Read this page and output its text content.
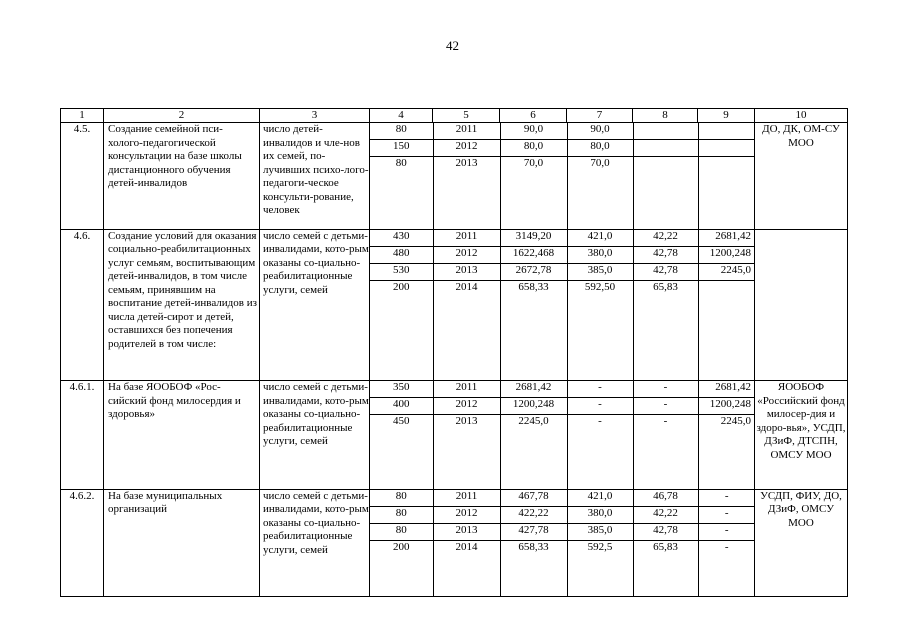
42
1	2	3	4	5	6	7	8	9	10
4.5.	Создание семейной пси-холого-педагогической консультации на базе школы дистанционного обучения детей-инвалидов	число детей-инвалидов и чле-нов их семей, по-лучивших психо-лого-педагоги-ческое консульти-рование, человек	
80	2011	90,0	90,0		
150	2012	80,0	80,0		
80	2013	70,0	70,0		
	ДО, ДК, ОМ-СУ МОО
4.6.	Создание условий для оказания социально-реабилитационных услуг семьям, воспитывающим детей-инвалидов, в том числе семьям, принявшим на воспитание детей-инвалидов из числа детей-сирот и детей, оставшихся без попечения родителей в том числе:	число семей с детьми-инвалидами, кото-рым оказаны со-циально-реабилитационные услуги, семей	
430	2011	3149,20	421,0	42,22	2681,42
480	2012	1622,468	380,0	42,78	1200,248
530	2013	2672,78	385,0	42,78	2245,0
200	2014	658,33	592,50	65,83	

4.6.1.	На базе ЯООБОФ «Рос-сийский фонд милосердия и здоровья»	число семей с детьми-инвалидами, кото-рым оказаны со-циально-реабилитационные услуги, семей	
350	2011	2681,42	-	-	2681,42
400	2012	1200,248	-	-	1200,248
450	2013	2245,0	-	-	2245,0
	ЯООБОФ «Российский фонд милосер-дия и здоро-вья», УСДП, ДЗиФ, ДТСПН, ОМСУ МОО
4.6.2.	На базе муниципальных организаций	число семей с детьми-инвалидами, кото-рым оказаны со-циально-реабилитационные услуги, семей	
80	2011	467,78	421,0	46,78	-
80	2012	422,22	380,0	42,22	-
80	2013	427,78	385,0	42,78	-
200	2014	658,33	592,5	65,83	-
	УСДП, ФИУ, ДО, ДЗиФ, ОМСУ МОО
